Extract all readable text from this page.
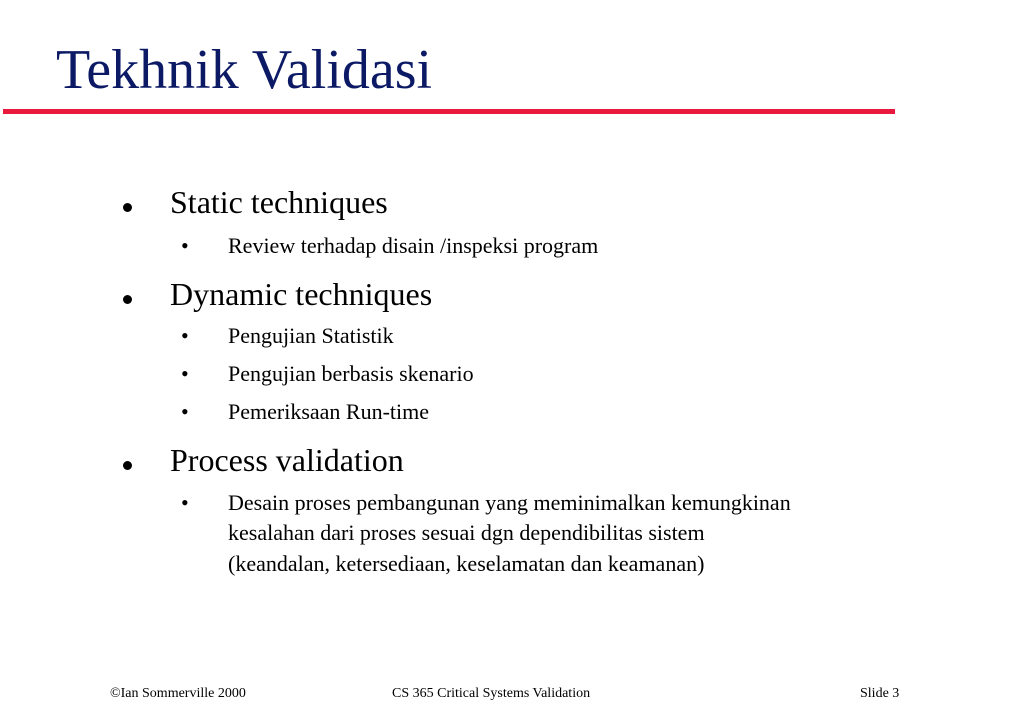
Tekhnik Validasi
Static techniques
• Review terhadap disain /inspeksi program
Dynamic techniques
• Pengujian Statistik
• Pengujian berbasis skenario
• Pemeriksaan Run-time
Process validation
• Desain proses pembangunan yang meminimalkan kemungkinan
kesalahan dari proses sesuai dgn dependibilitas sistem
(keandalan, ketersediaan, keselamatan dan keamanan)
©Ian Sommerville 2000	CS 365 Critical Systems Validation	Slide 3
